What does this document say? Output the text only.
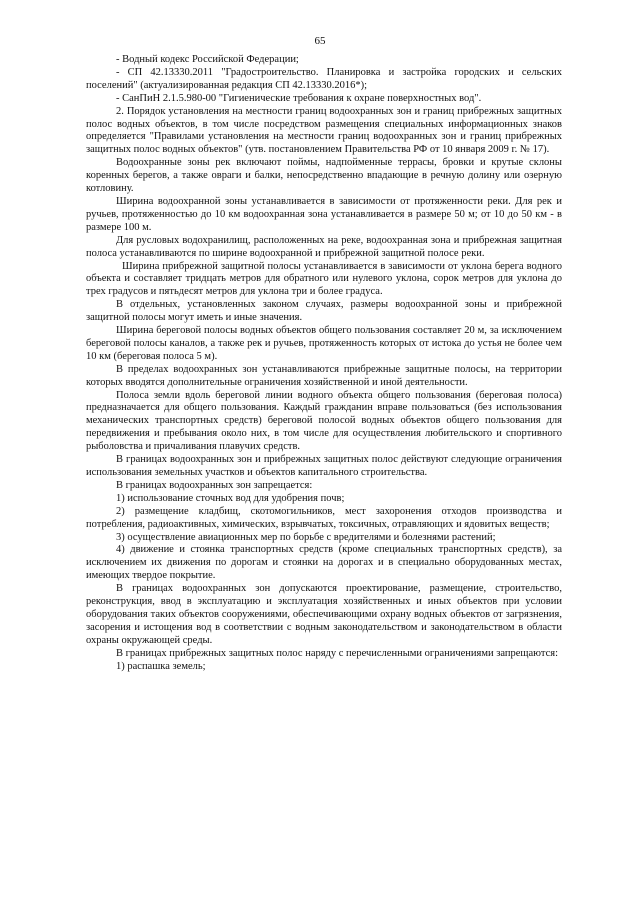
65

- Водный кодекс Российской Федерации;

- СП 42.13330.2011 "Градостроительство. Планировка и застройка городских и сельских поселений" (актуализированная редакция СП 42.13330.2016*);

- СанПиН 2.1.5.980-00 "Гигиенические требования к охране поверхностных вод".

2. Порядок установления на местности границ водоохранных зон и границ прибрежных защитных полос водных объектов, в том числе посредством размещения специальных информационных знаков определяется "Правилами установления на местности границ водоохранных зон и границ прибрежных защитных полос водных объектов" (утв. постановлением Правительства РФ от 10 января 2009 г. № 17).

Водоохранные зоны рек включают поймы, надпойменные террасы, бровки и крутые склоны коренных берегов, а также овраги и балки, непосредственно впадающие в речную долину или озерную котловину.

Ширина водоохранной зоны устанавливается в зависимости от протяженности реки. Для рек и ручьев, протяженностью до 10 км водоохранная зона устанавливается в размере 50 м; от 10 до 50 км - в размере 100 м.

Для русловых водохранилищ, расположенных на реке, водоохранная зона и прибрежная защитная полоса устанавливаются по ширине водоохранной и прибрежной защитной полосе реки.

Ширина прибрежной защитной полосы устанавливается в зависимости от уклона берега водного объекта и составляет тридцать метров для обратного или нулевого уклона, сорок метров для уклона до трех градусов и пятьдесят метров для уклона три и более градуса.

В отдельных, установленных законом случаях, размеры водоохранной зоны и прибрежной защитной полосы могут иметь и иные значения.

Ширина береговой полосы водных объектов общего пользования составляет 20 м, за исключением береговой полосы каналов, а также рек и ручьев, протяженность которых от истока до устья не более чем 10 км (береговая полоса 5 м).

В пределах водоохранных зон устанавливаются прибрежные защитные полосы, на территории которых вводятся дополнительные ограничения хозяйственной и иной деятельности.

Полоса земли вдоль береговой линии водного объекта общего пользования (береговая полоса) предназначается для общего пользования. Каждый гражданин вправе пользоваться (без использования механических транспортных средств) береговой полосой водных объектов общего пользования для передвижения и пребывания около них, в том числе для осуществления любительского и спортивного рыболовства и причаливания плавучих средств.

В границах водоохранных зон и прибрежных защитных полос действуют следующие ограничения использования земельных участков и объектов капитального строительства.

В границах водоохранных зон запрещается:

1) использование сточных вод для удобрения почв;

2) размещение кладбищ, скотомогильников, мест захоронения отходов производства и потребления, радиоактивных, химических, взрывчатых, токсичных, отравляющих и ядовитых веществ;

3) осуществление авиационных мер по борьбе с вредителями и болезнями растений;

4) движение и стоянка транспортных средств (кроме специальных транспортных средств), за исключением их движения по дорогам и стоянки на дорогах и в специально оборудованных местах, имеющих твердое покрытие.

В границах водоохранных зон допускаются проектирование, размещение, строительство, реконструкция, ввод в эксплуатацию и эксплуатация хозяйственных и иных объектов при условии оборудования таких объектов сооружениями, обеспечивающими охрану водных объектов от загрязнения, засорения и истощения вод в соответствии с водным законодательством и законодательством в области охраны окружающей среды.

В границах прибрежных защитных полос наряду с перечисленными ограничениями запрещаются:

1) распашка земель;
